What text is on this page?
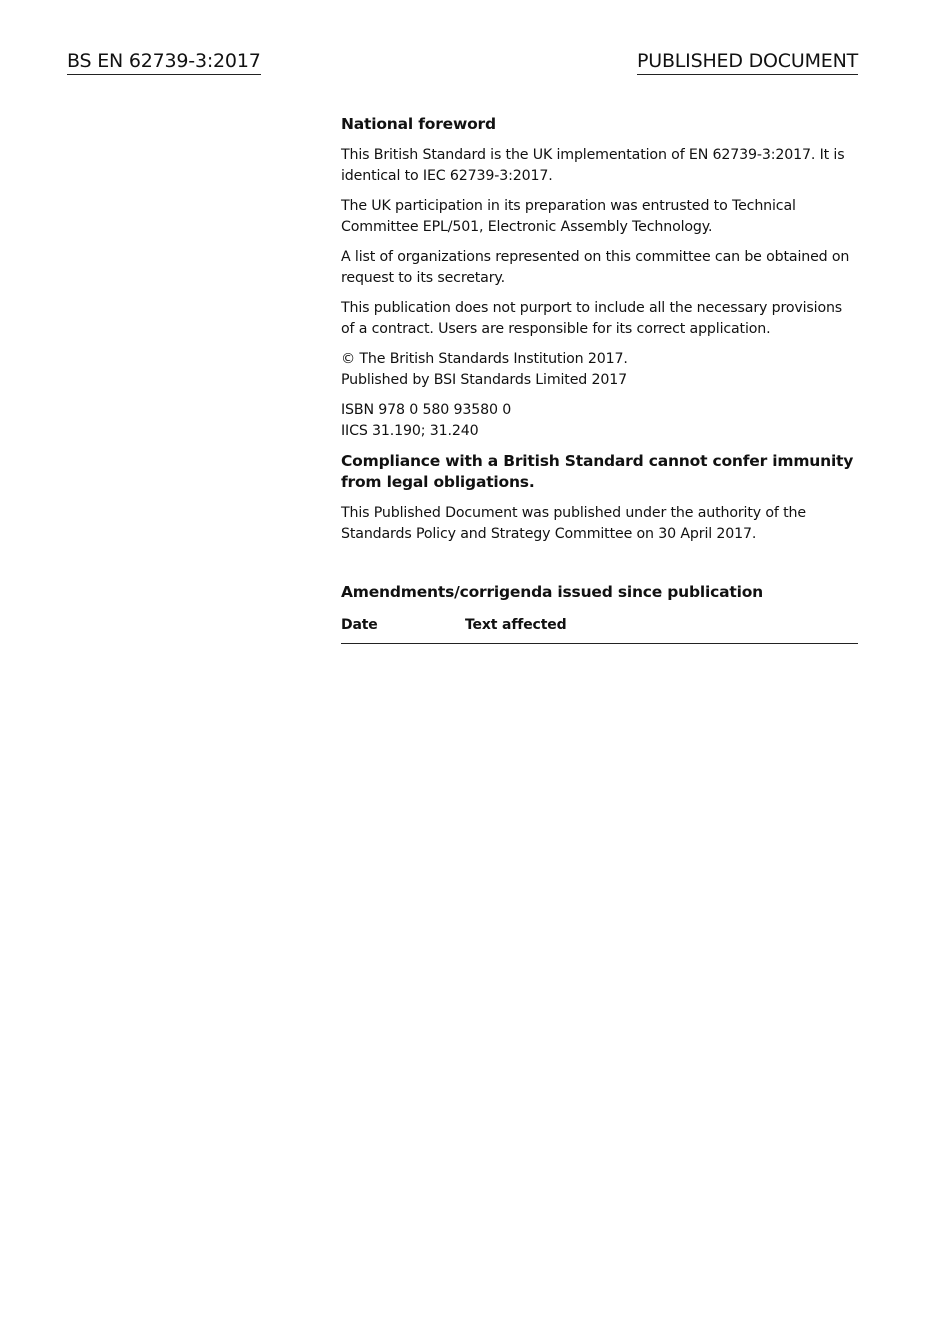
BS EN 62739-3:2017	PUBLISHED DOCUMENT
National foreword

This British Standard is the UK implementation of EN 62739-3:2017. It is identical to IEC 62739-3:2017.

The UK participation in its preparation was entrusted to Technical Committee EPL/501, Electronic Assembly Technology.

A list of organizations represented on this committee can be obtained on request to its secretary.

This publication does not purport to include all the necessary provisions of a contract. Users are responsible for its correct application.

© The British Standards Institution 2017.
Published by BSI Standards Limited 2017

ISBN 978 0 580 93580 0
IICS 31.190; 31.240

Compliance with a British Standard cannot confer immunity from legal obligations.

This Published Document was published under the authority of the Standards Policy and Strategy Committee on 30 April 2017.

Amendments/corrigenda issued since publication
Date	Text affected
